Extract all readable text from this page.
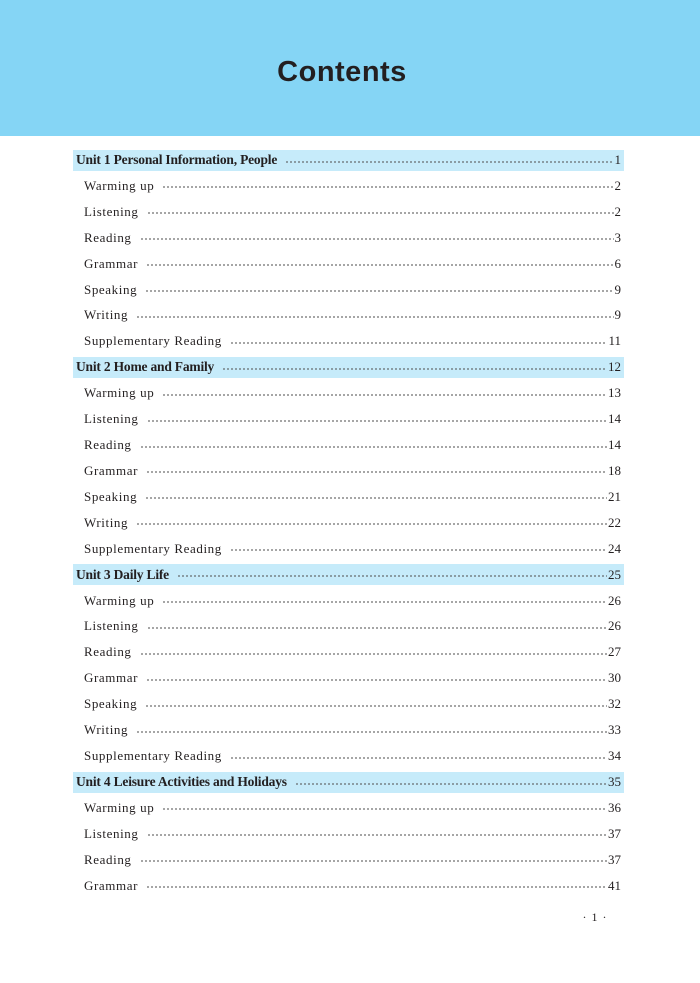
Contents
Unit 1 Personal Information, People	1
Warming up	2
Listening	2
Reading	3
Grammar	6
Speaking	9
Writing	9
Supplementary Reading	11
Unit 2 Home and Family	12
Warming up	13
Listening	14
Reading	14
Grammar	18
Speaking	21
Writing	22
Supplementary Reading	24
Unit 3 Daily Life	25
Warming up	26
Listening	26
Reading	27
Grammar	30
Speaking	32
Writing	33
Supplementary Reading	34
Unit 4 Leisure Activities and Holidays	35
Warming up	36
Listening	37
Reading	37
Grammar	41
· 1 ·
